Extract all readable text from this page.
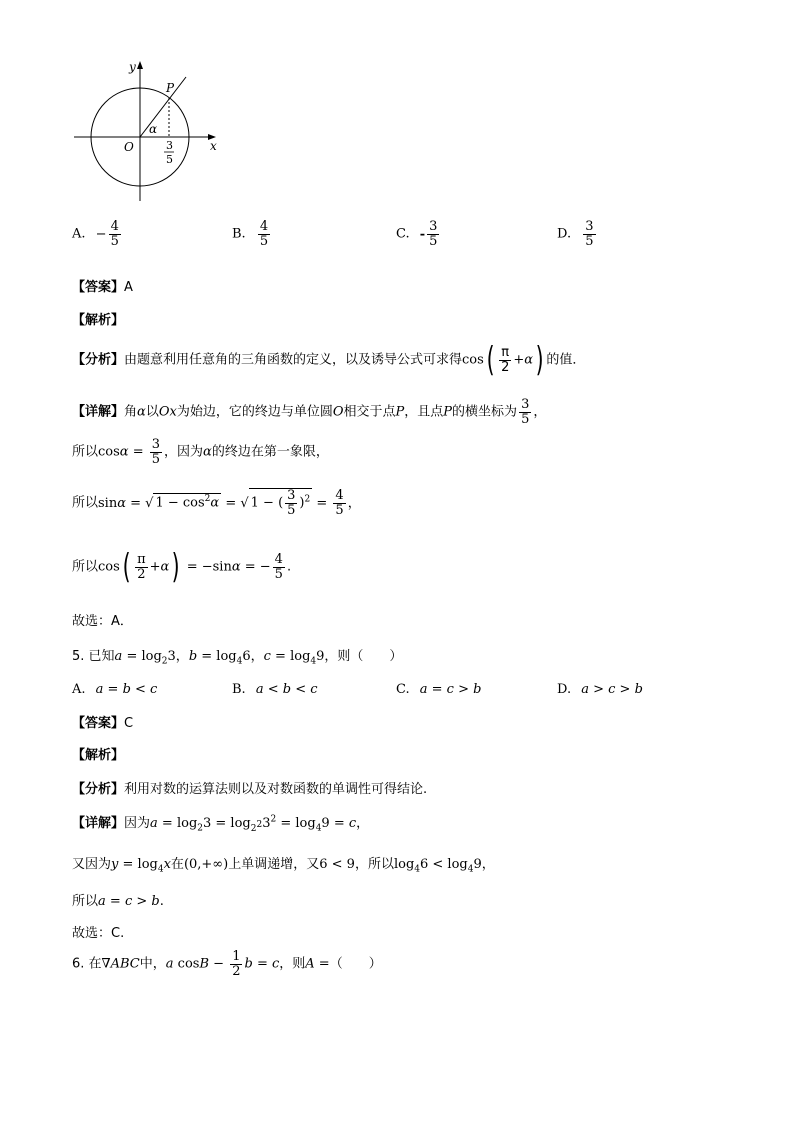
y
x
P
α
O	3
5
A. − $\frac{4}{5}$	B. $\frac{4}{5}$	C. - $\frac{3}{5}$	D. $\frac{3}{5}$
【答案】A
【解析】
【分析】由题意利用任意角的三角函数的定义，以及诱导公式可求得$\cos( \frac{\pi}{2} +\alpha)$ 的值．
【详解】角α以Ox为始边，它的终边与单位圆O相交于点P，且点P的横坐标为 $\frac{3}{5}$ ，
所以$\cos\alpha = \frac{3}{5}$ ，因为α的终边在第一象限，
所以sinα = √ $1 - \cos^2\alpha$ = √ 1 − ( $\frac{3}{5} )^2 = \frac{4}{5}$ ，
所以$\cos( \frac{\pi}{2} +\alpha) = -\sin\alpha$ = − $\frac{4}{5}$ .
故选：A．
5. 已知$a = \log_23$，$b = \log_46$，$c = \log_49$，则（　　）
A. a = b < c	B. a < b < c	C. a = c > b	D. a > c > b
【答案】C
【解析】
【分析】利用对数的运算法则以及对数函数的单调性可得结论.
【详解】因为$a = \log_23 = \log_{2^2}3^2 = \log_49 = c$，
又因为$y = \log_4x$在(0,+∞)上单调递增，又6 < 9，所以$\log_46 < \log_49$，
所以a = c > b.
故选：C.
6. 在∇ABC中，a $\cos B - \frac{1}{2}$ b = c，则A =（　　）
